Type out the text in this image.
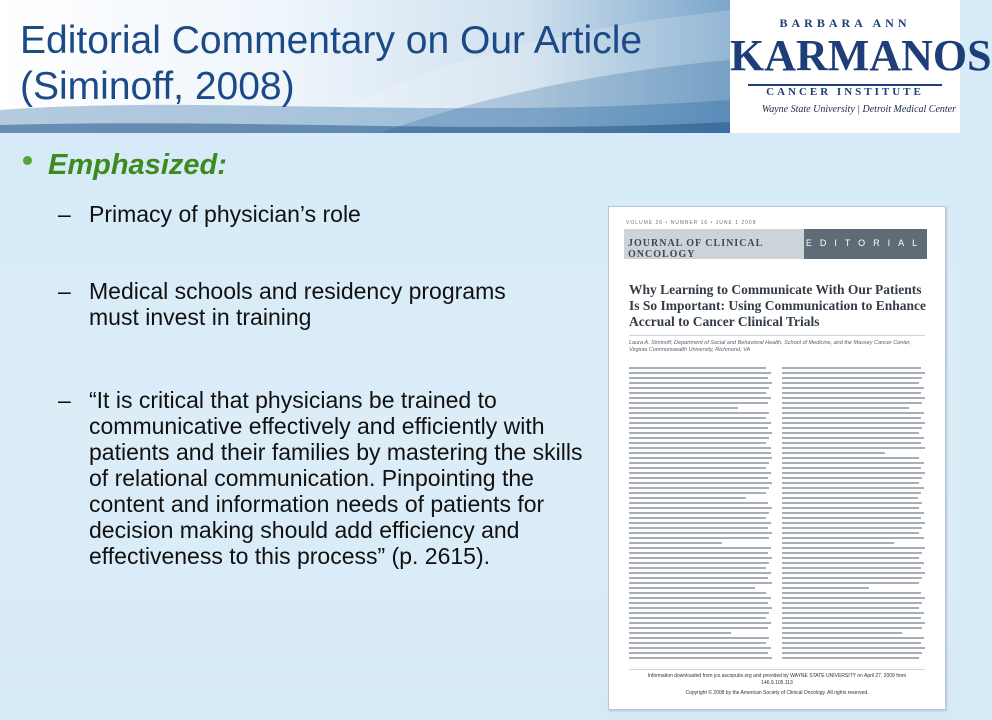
Editorial Commentary on Our Article
(Siminoff, 2008)
BARBARA ANN
KARMANOS
CANCER INSTITUTE
Wayne State University | Detroit Medical Center
Emphasized:
– Primacy of physician’s role
– Medical schools and residency programs must invest in training
– “It is critical that physicians be trained to communicative effectively and efficiently with patients and their families by mastering the skills of relational communication. Pinpointing the content and information needs of patients for decision making should add efficiency and effectiveness to this process” (p. 2615).
VOLUME 26 • NUMBER 16 • JUNE 1 2008
JOURNAL OF CLINICAL ONCOLOGY
EDITORIAL
Why Learning to Communicate With Our Patients Is So Important: Using Communication to Enhance Accrual to Cancer Clinical Trials
Laura A. Siminoff, Department of Social and Behavioral Health, School of Medicine, and the Massey Cancer Center, Virginia Commonwealth University, Richmond, VA
Information downloaded from jco.ascopubs.org and provided by WAYNE STATE UNIVERSITY on April 27, 2009 from
146.9.105.113
Copyright © 2008 by the American Society of Clinical Oncology. All rights reserved.
